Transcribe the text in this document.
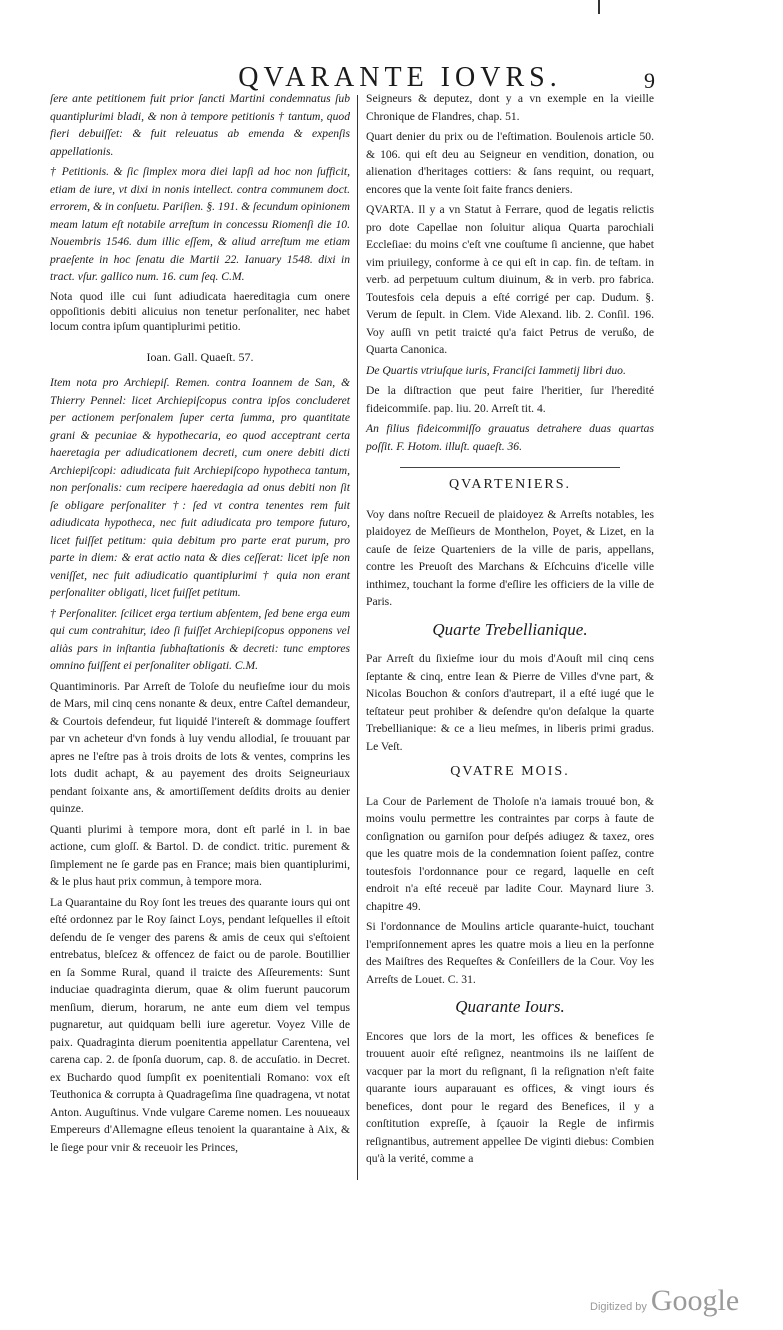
QVARANTE IOVRS.	9

ſere ante petitionem fuit prior ſancti Martini condemnatus ſub quantiplurimi bladi, & non à tempore petitionis † tantum, quod fieri debuiſſet: & fuit releuatus ab emenda & expenſis appellationis.

† Petitionis. & ſic ſimplex mora diei lapſi ad hoc non ſufficit, etiam de iure, vt dixi in nonis intellect. contra communem doct. errorem, & in conſuetu. Pariſien. §. 191. & ſecundum opinionem meam latum eſt notabile arreſtum in concessu Riomenſi die 10. Nouembris 1546. dum illic eſſem, & aliud arreſtum me etiam praeſente in hoc ſenatu die Martii 22. Ianuary 1548. dixi in tract. vſur. gallico num. 16. cum ſeq. C.M.

Nota quod ille cui ſunt adiudicata haereditagia cum onere oppoſitionis debiti alicuius non tenetur perſonaliter, nec habet locum contra ipſum quantiplurimi petitio.

Ioan. Gall. Quaeſt. 57.

Item nota pro Archiepiſ. Remen. contra Ioannem de San, & Thierry Pennel: licet Archiepiſcopus contra ipſos concluderet per actionem perſonalem ſuper certa ſumma, pro quantitate grani & pecuniae & hypothecaria, eo quod acceptrant certa haeretagia per adiudicationem decreti, cum onere debiti dicti Archiepiſcopi: adiudicata fuit Archiepiſcopo hypotheca tantum, non perſonalis: cum recipere haeredagia ad onus debiti non ſit ſe obligare perſonaliter †: ſed vt contra tenentes rem fuit adiudicata hypotheca, nec fuit adiudicata pro tempore futuro, licet fuiſſet petitum: quia debitum pro parte erat purum, pro parte in diem: & erat actio nata & dies ceſſerat: licet ipſe non veniſſet, nec fuit adiudicatio quantiplurimi † quia non erant perſonaliter obligati, licet fuiſſet petitum.

† Perſonaliter. ſcilicet erga tertium abſentem, ſed bene erga eum qui cum contrahitur, ideo ſi fuiſſet Archiepiſcopus opponens vel aliàs pars in inſtantia ſubhaſtationis & decreti: tunc emptores omnino fuiſſent ei perſonaliter obligati. C.M.

Quantiminoris. Par Arreſt de Toloſe du neufieſme iour du mois de Mars, mil cinq cens nonante & deux, entre Caſtel demandeur, & Courtois defendeur, fut liquidé l'intereſt & dommage ſouffert par vn acheteur d'vn fonds à luy vendu allodial, ſe trouuant par apres ne l'eſtre pas à trois droits de lots & ventes, comprins les lots dudit achapt, & au payement des droits Seigneuriaux pendant ſoixante ans, & amortiſſement deſdits droits au denier quinze.

Quanti plurimi à tempore mora, dont eſt parlé in l. in bae actione, cum gloſſ. & Bartol. D. de condict. tritic. purement & ſimplement ne ſe garde pas en France; mais bien quantiplurimi, & le plus haut prix commun, à tempore mora.

La Quarantaine du Roy ſont les treues des quarante iours qui ont eſté ordonnez par le Roy ſainct Loys, pendant leſquelles il eſtoit deſendu de ſe venger des parens & amis de ceux qui s'eſtoient entrebatus, bleſcez & offencez de faict ou de parole. Boutillier en ſa Somme Rural, quand il traicte des Aſſeurements: Sunt induciae quadraginta dierum, quae & olim fuerunt paucorum menſium, dierum, horarum, ne ante eum diem vel tempus pugnaretur, aut quidquam belli iure ageretur. Voyez Ville de paix. Quadraginta dierum poenitentia appellatur Carentena, vel carena cap. 2. de ſponſa duorum, cap. 8. de accuſatio. in Decret. ex Buchardo quod ſumpſit ex poenitentiali Romano: vox eſt Teuthonica & corrupta à Quadrageſima ſine quadragena, vt notat Anton. Auguſtinus. Vnde vulgare Careme nomen. Les nouueaux Empereurs d'Allemagne eſleus tenoient la quarantaine à Aix, & le ſiege pour vnir & receuoir les Princes,

Seigneurs & deputez, dont y a vn exemple en la vieille Chronique de Flandres, chap. 51.

Quart denier du prix ou de l'eſtimation. Boulenois article 50. & 106. qui eſt deu au Seigneur en vendition, donation, ou alienation d'heritages cottiers: & ſans requint, ou requart, encores que la vente ſoit faite francs deniers.

QVARTA. Il y a vn Statut à Ferrare, quod de legatis relictis pro dote Capellae non ſoluitur aliqua Quarta parochiali Eccleſiae: du moins c'eſt vne couſtume ſi ancienne, que habet vim priuilegy, conforme à ce qui eſt in cap. fin. de teſtam. in verb. ad perpetuum cultum diuinum, & in verb. pro fabrica. Toutesfois cela depuis a eſté corrigé per cap. Dudum. §. Verum de ſepult. in Clem. Vide Alexand. lib. 2. Conſil. 196. Voy auſſi vn petit traicté qu'a faict Petrus de verußo, de Quarta Canonica.

De Quartis vtriuſque iuris, Franciſci Iammetij libri duo.

De la diſtraction que peut faire l'heritier, ſur l'heredité fideicommiſe. pap. liu. 20. Arreſt tit. 4.

An filius fideicommiſſo grauatus detrahere duas quartas poſſit. F. Hotom. illuſt. quaeſt. 36.

QVARTENIERS.

Voy dans noſtre Recueil de plaidoyez & Arreſts notables, les plaidoyez de Meſſieurs de Monthelon, Poyet, & Lizet, en la cauſe de ſeize Quarteniers de la ville de paris, appellans, contre les Preuoſt des Marchans & Eſchcuins d'icelle ville inthimez, touchant la forme d'eſlire les officiers de la ville de Paris.

Quarte Trebellianique.

Par Arreſt du ſixieſme iour du mois d'Aouſt mil cinq cens ſeptante & cinq, entre Iean & Pierre de Villes d'vne part, & Nicolas Bouchon & conſors d'autrepart, il a eſté iugé que le teſtateur peut prohiber & deſendre qu'on deſalque la quarte Trebellianique: & ce a lieu meſmes, in liberis primi gradus. Le Veſt.

QVATRE MOIS.

La Cour de Parlement de Tholoſe n'a iamais trouué bon, & moins voulu permettre les contraintes par corps à faute de conſignation ou garniſon pour deſpés adiugez & taxez, ores que les quatre mois de la condemnation ſoient paſſez, contre toutesfois l'ordonnance pour ce regard, laquelle en ceſt endroit n'a eſté receuë par ladite Cour. Maynard liure 3. chapitre 49.

Si l'ordonnance de Moulins article quarante-huict, touchant l'empriſonnement apres les quatre mois a lieu en la perſonne des Maiſtres des Requeſtes & Conſeillers de la Cour. Voy les Arreſts de Louet. C. 31.

Quarante Iours.

Encores que lors de la mort, les offices & benefices ſe trouuent auoir eſté reſignez, neantmoins ils ne laiſſent de vacquer par la mort du reſignant, ſi la reſignation n'eſt faite quarante iours auparauant es offices, & vingt iours és benefices, dont pour le regard des Benefices, il y a conſtitution expreſſe, à ſçauoir la Regle de infirmis reſignantibus, autrement appellee De viginti diebus: Combien qu'à la verité, comme a

Digitized by Google
